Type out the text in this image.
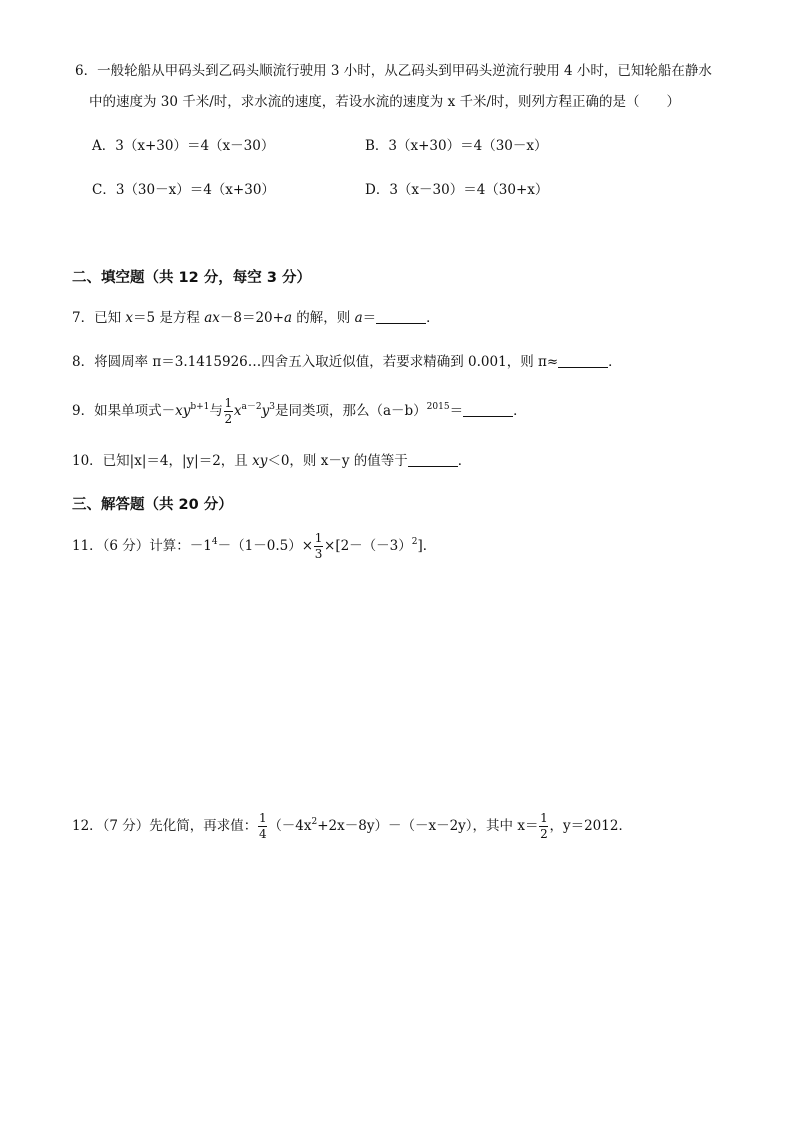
6．一般轮船从甲码头到乙码头顺流行驶用 3 小时，从乙码头到甲码头逆流行驶用 4 小时，已知轮船在静水
中的速度为 30 千米/时，求水流的速度，若设水流的速度为 x 千米/时，则列方程正确的是（　　）
A．3（x+30）＝4（x－30）	B．3（x+30）＝4（30－x）
C．3（30－x）＝4（x+30）	D．3（x－30）＝4（30+x）
二、填空题（共 12 分，每空 3 分）
7．已知 x＝5 是方程 ax－8＝20+a 的解，则 a＝	．
8．将圆周率 π＝3.1415926…四舍五入取近似值，若要求精确到 0.001，则 π≈	．
9．如果单项式$-xy^{b+1}$与 $\frac{1}{2} x^{a-2}y^3$是同类项，那么$(a-b)^{2015}=$	．
10．已知|x|＝4，|y|＝2，且 xy＜0，则 x－y 的值等于	．
三、解答题（共 20 分）
11．（6 分）计算：$-1^4-(1-0.5)\times \frac{1}{3} \times[2-(-3)^2]$．
12．（7 分）先化简，再求值： $\frac{1}{4} (-4x^2+2x-8y)-(-x-2y)$，其中 $x= \frac{1}{2}$ ，y＝2012．
